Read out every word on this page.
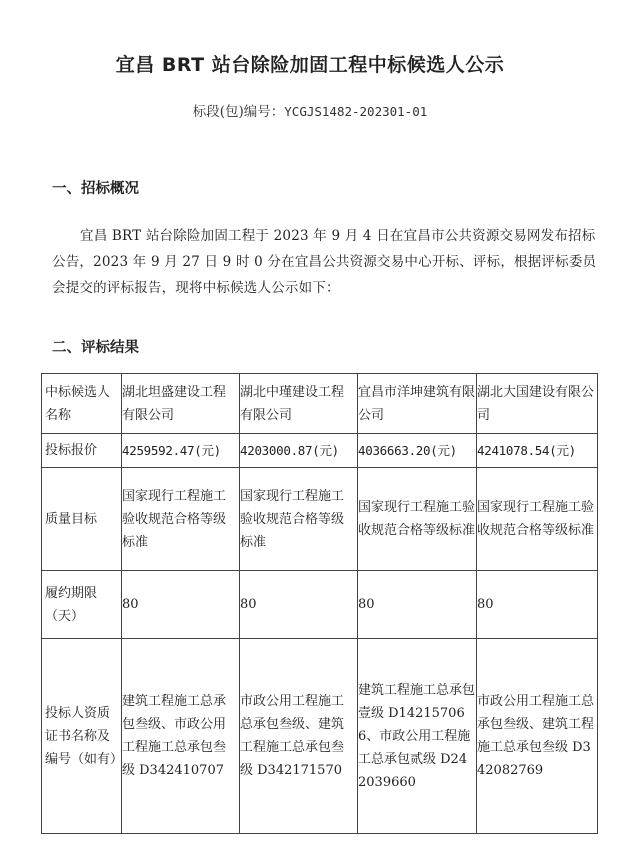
宜昌 BRT 站台除险加固工程中标候选人公示
标段(包)编号：YCGJS1482-202301-01
一、招标概况
宜昌 BRT 站台除险加固工程于 2023 年 9 月 4 日在宜昌市公共资源交易网发布招标公告，2023 年 9 月 27 日 9 时 0 分在宜昌公共资源交易中心开标、评标，根据评标委员会提交的评标报告，现将中标候选人公示如下：
二、评标结果
中标候选人名称	湖北坦盛建设工程有限公司	湖北中瑾建设工程有限公司	宜昌市洋坤建筑有限公司	湖北大国建设有限公司
投标报价	4259592.47(元)	4203000.87(元)	4036663.20(元)	4241078.54(元)
质量目标	国家现行工程施工验收规范合格等级标准	国家现行工程施工验收规范合格等级标准	国家现行工程施工验收规范合格等级标准	国家现行工程施工验收规范合格等级标准
履约期限（天）	80	80	80	80
投标人资质证书名称及编号（如有）	建筑工程施工总承包叁级、市政公用工程施工总承包叁级 D342410707	市政公用工程施工总承包叁级、建筑工程施工总承包叁级 D342171570	建筑工程施工总承包壹级 D142157066、市政公用工程施工总承包贰级 D242039660	市政公用工程施工总承包叁级、建筑工程施工总承包叁级 D342082769
